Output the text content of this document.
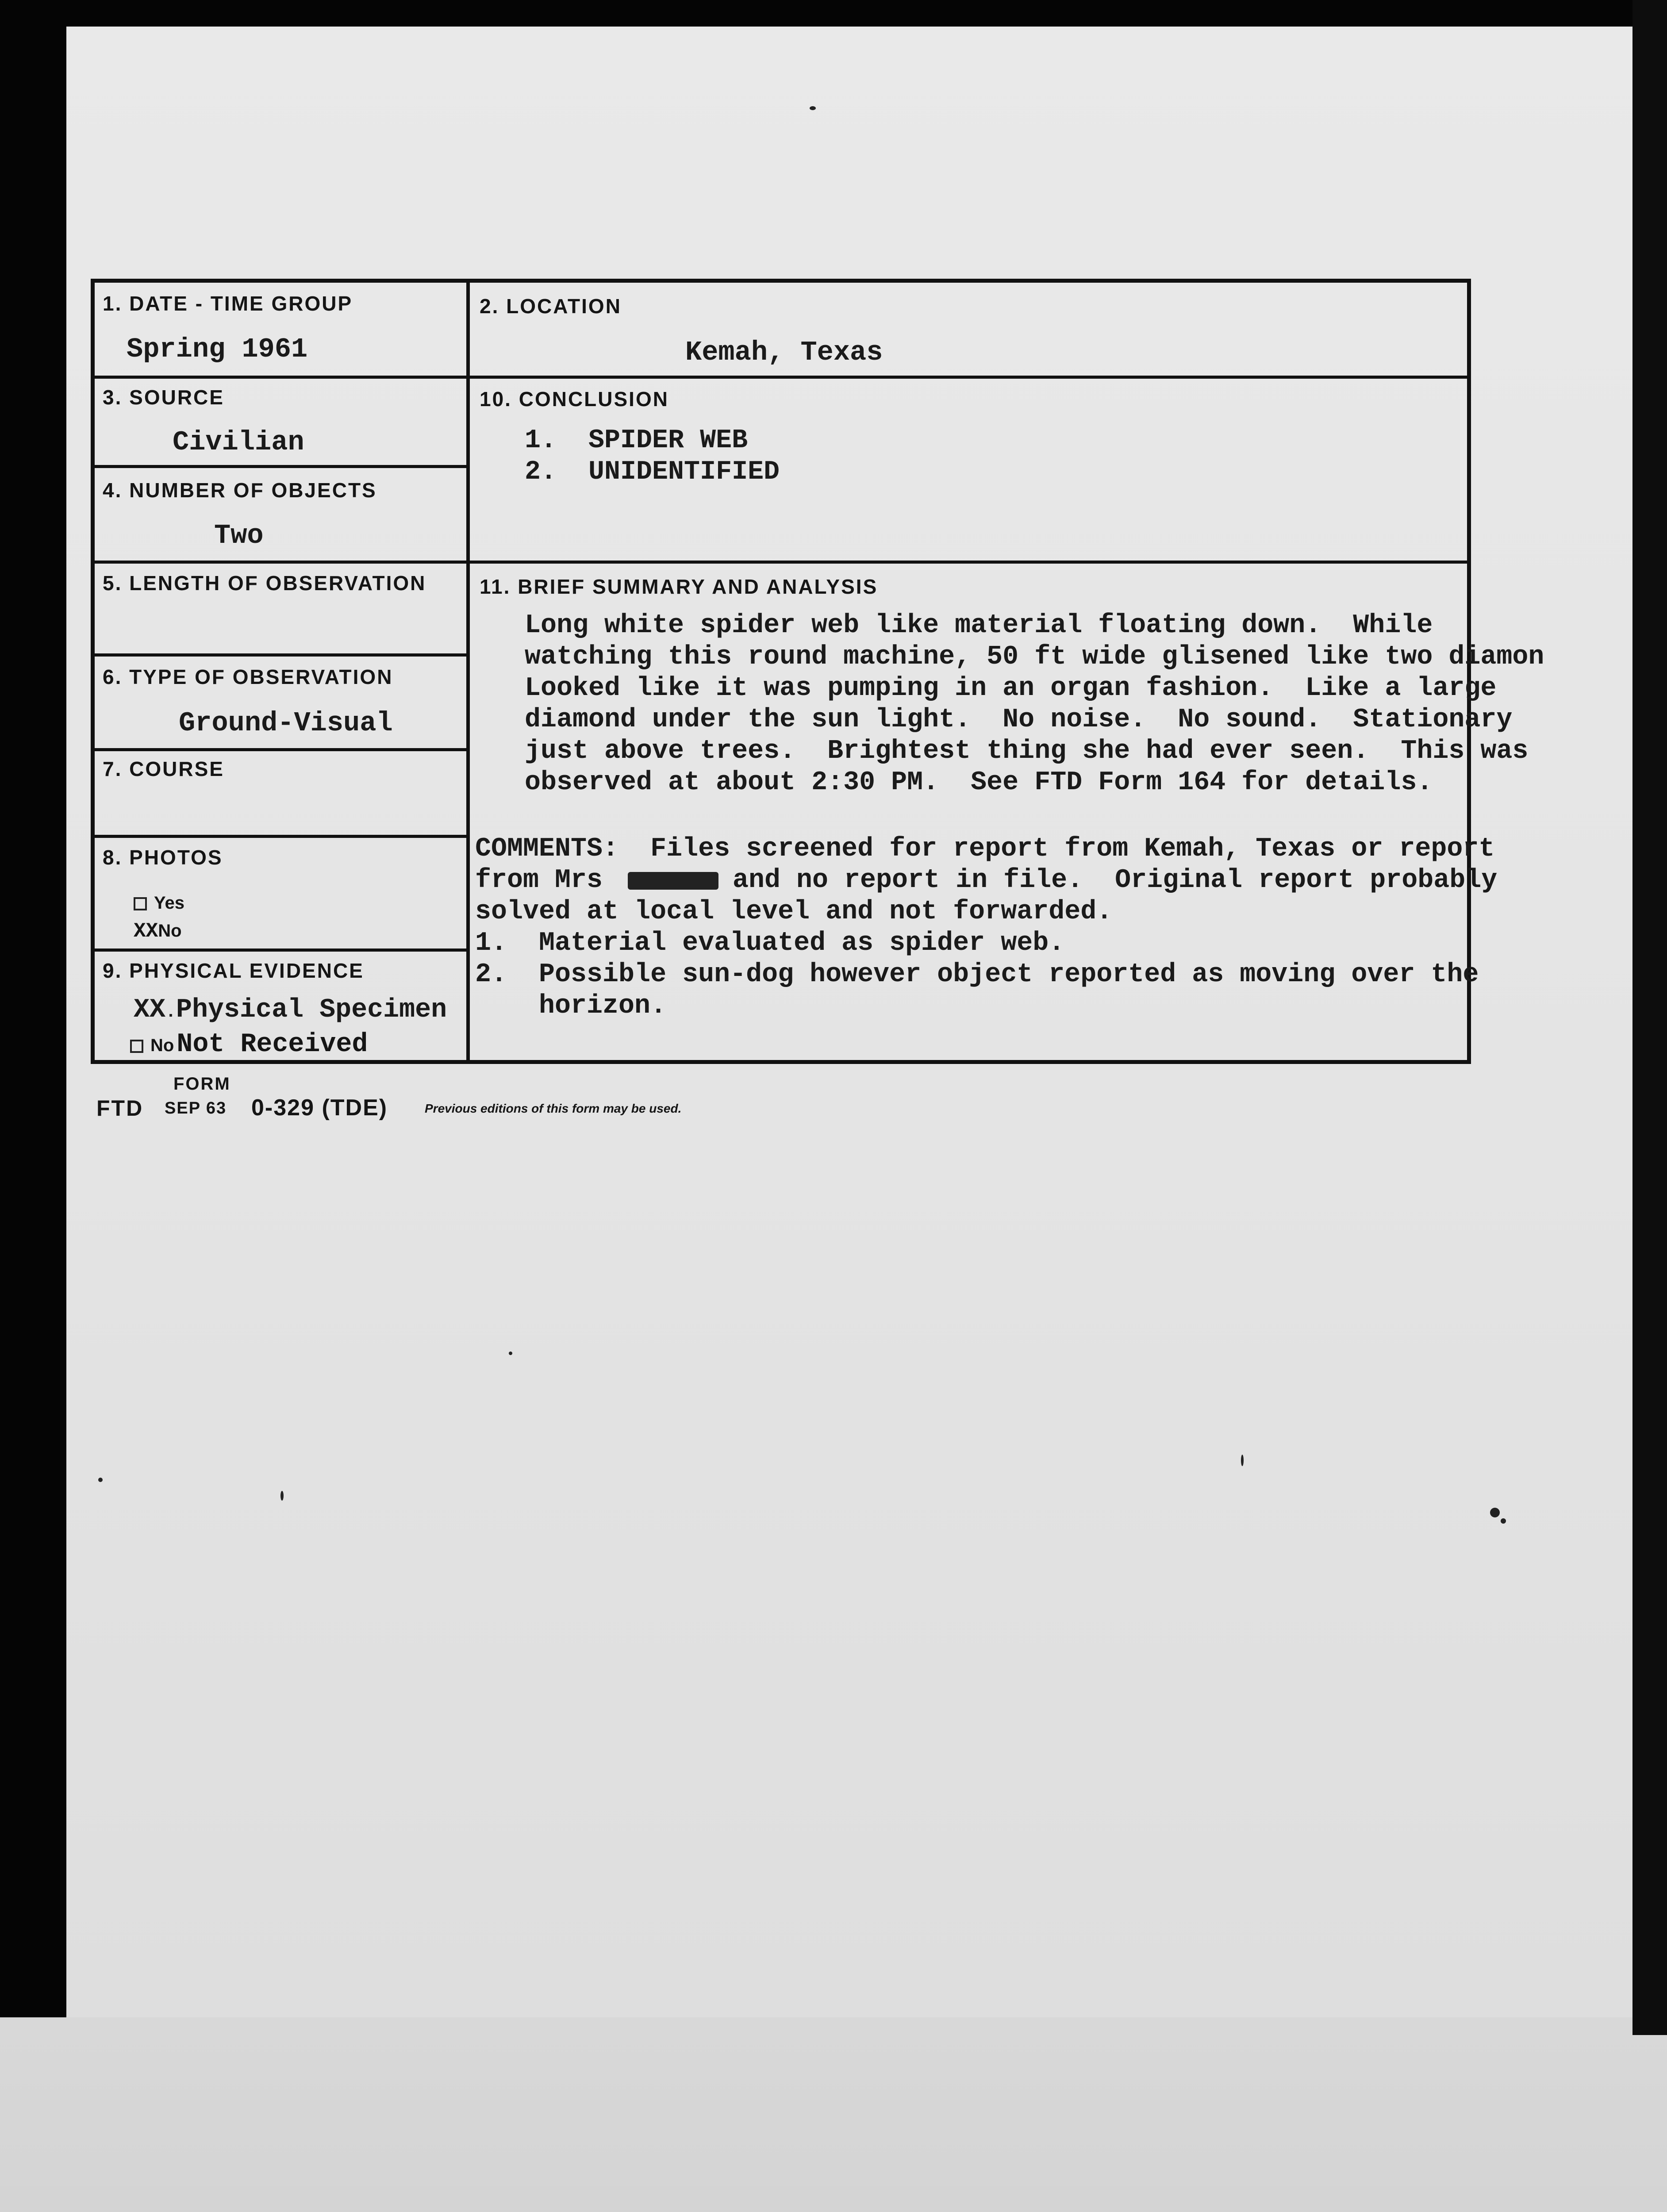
1. DATE - TIME GROUP
Spring 1961
2. LOCATION
Kemah, Texas
3. SOURCE
Civilian
4. NUMBER OF OBJECTS
Two
5. LENGTH OF OBSERVATION
6. TYPE OF OBSERVATION
Ground-Visual
7. COURSE
8. PHOTOS
Yes
XXNo
9. PHYSICAL EVIDENCE
XX.Physical Specimen
No Not Received
10. CONCLUSION
1.  SPIDER WEB
2.  UNIDENTIFIED
11. BRIEF SUMMARY AND ANALYSIS
Long white spider web like material floating down.  While
watching this round machine, 50 ft wide glisened like two diamon
Looked like it was pumping in an organ fashion.  Like a large
diamond under the sun light.  No noise.  No sound.  Stationary
just above trees.  Brightest thing she had ever seen.  This was
observed at about 2:30 PM.  See FTD Form 164 for details.
COMMENTS:  Files screened for report from Kemah, Texas or report
from Mrs	and no report in file.  Original report probably
solved at local level and not forwarded.
1.  Material evaluated as spider web.
2.  Possible sun-dog however object reported as moving over the
horizon.
FORM
FTD SEP 63 0-329 (TDE)	Previous editions of this form may be used.
